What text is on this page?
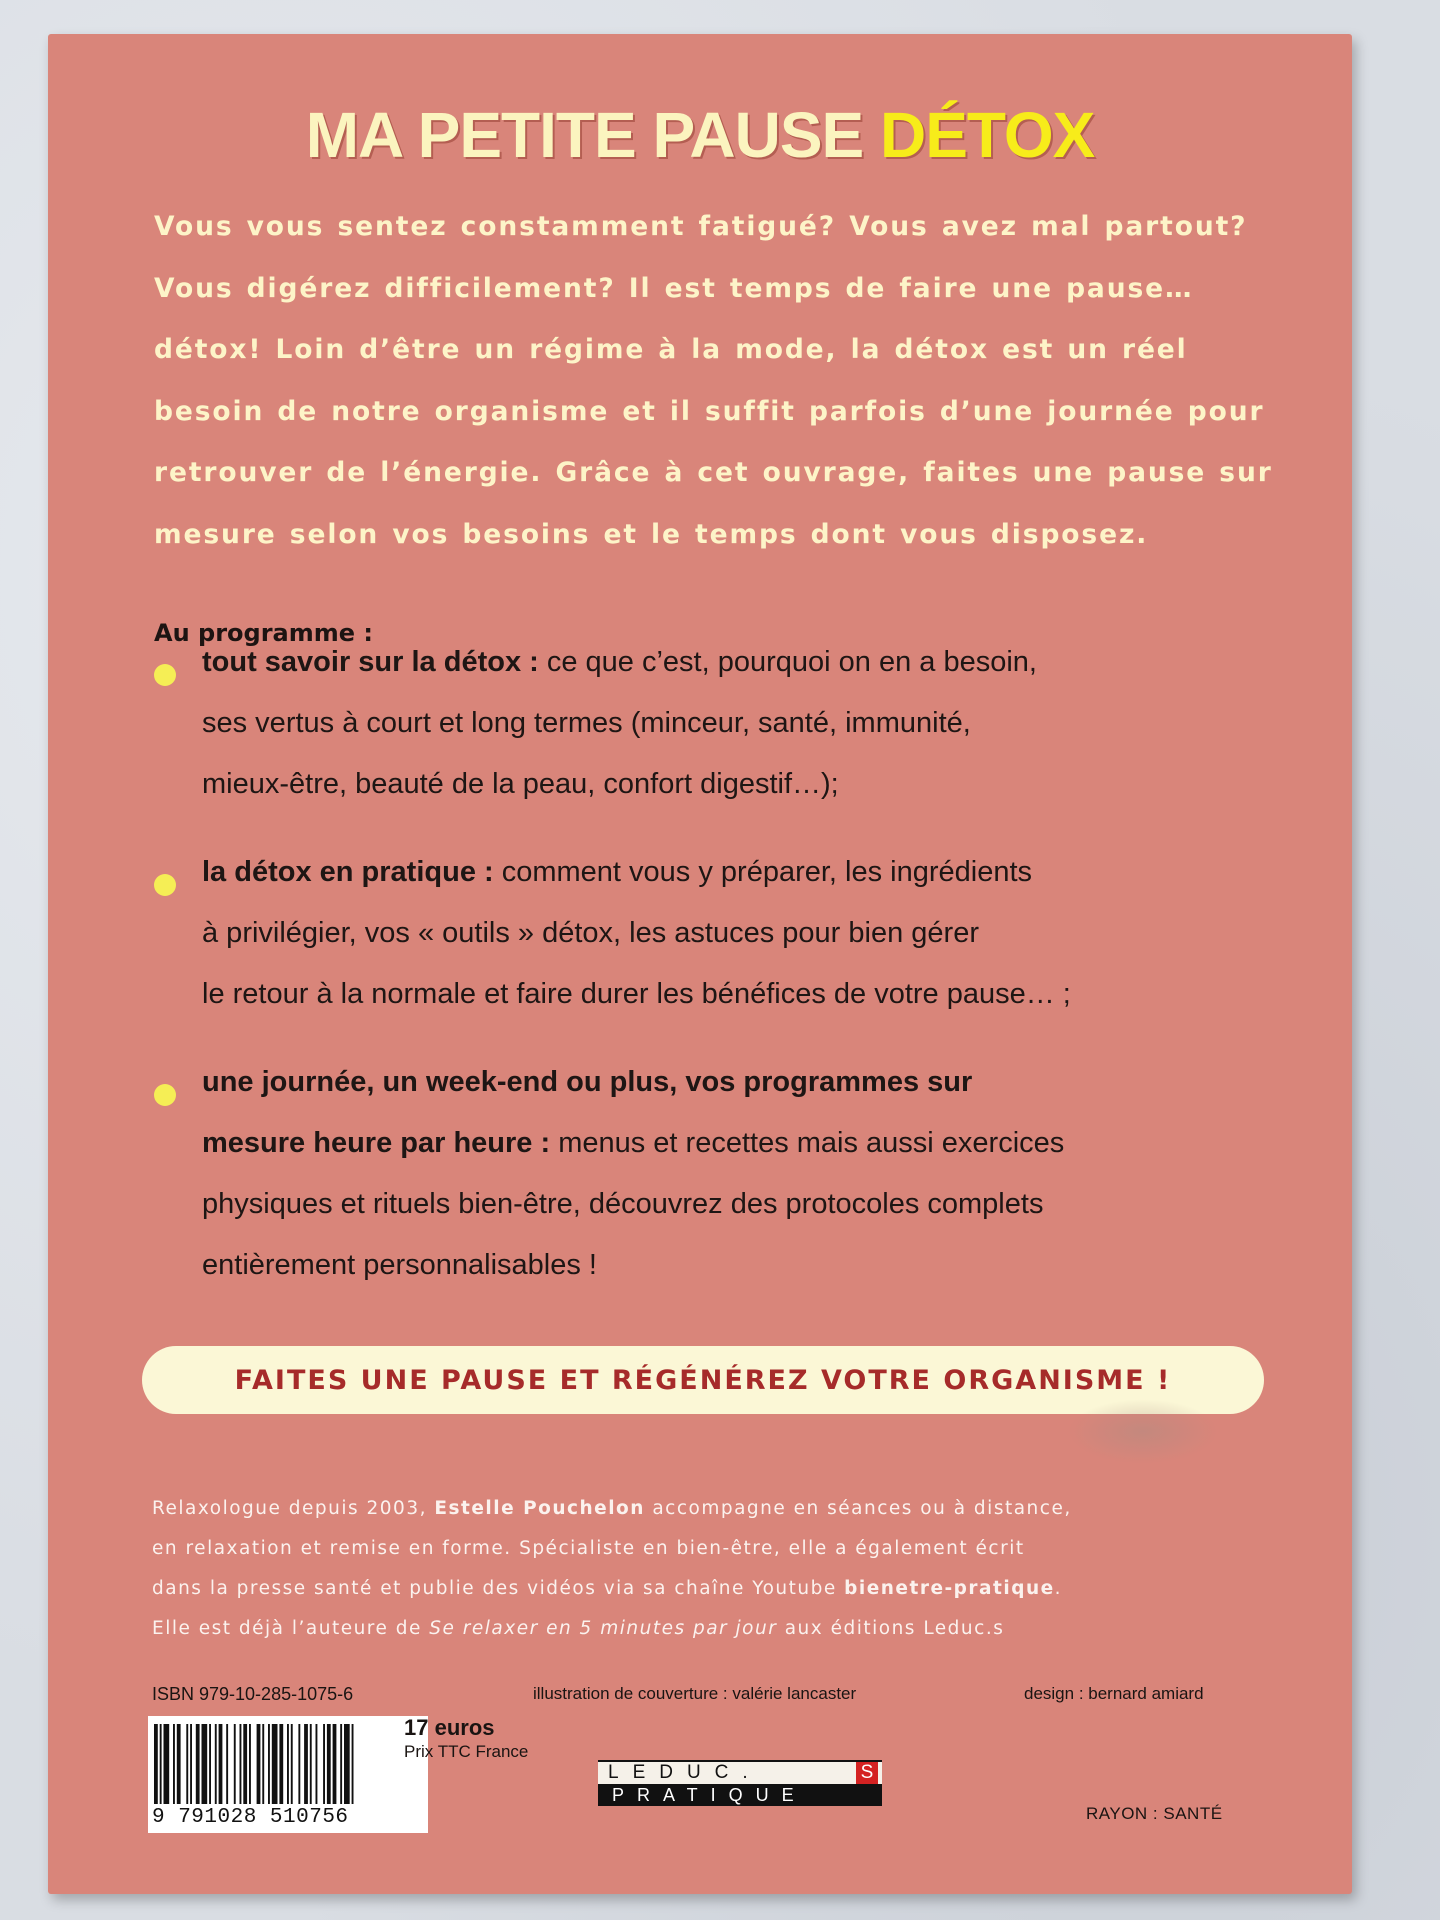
MA PETITE PAUSE DÉTOX
Vous vous sentez constamment fatigué? Vous avez mal partout?
Vous digérez difficilement? Il est temps de faire une pause…
détox! Loin d’être un régime à la mode, la détox est un réel
besoin de notre organisme et il suffit parfois d’une journée pour
retrouver de l’énergie. Grâce à cet ouvrage, faites une pause sur
mesure selon vos besoins et le temps dont vous disposez.
Au programme :
tout savoir sur la détox : ce que c’est, pourquoi on en a besoin,
ses vertus à court et long termes (minceur, santé, immunité,
mieux-être, beauté de la peau, confort digestif…);
la détox en pratique : comment vous y préparer, les ingrédients
à privilégier, vos « outils » détox, les astuces pour bien gérer
le retour à la normale et faire durer les bénéfices de votre pause… ;
une journée, un week-end ou plus, vos programmes sur
mesure heure par heure : menus et recettes mais aussi exercices
physiques et rituels bien-être, découvrez des protocoles complets
entièrement personnalisables !
FAITES UNE PAUSE ET RÉGÉNÉREZ VOTRE ORGANISME !
Relaxologue depuis 2003, Estelle Pouchelon accompagne en séances ou à distance,
en relaxation et remise en forme. Spécialiste en bien-être, elle a également écrit
dans la presse santé et publie des vidéos via sa chaîne Youtube bienetre-pratique.
Elle est déjà l’auteure de Se relaxer en 5 minutes par jour aux éditions Leduc.s
ISBN 979-10-285-1075-6	illustration de couverture : valérie lancaster	design : bernard amiard
9 791028 510756
17 euros
Prix TTC France
LEDUC.	S
PRATIQUE
RAYON : SANTÉ
